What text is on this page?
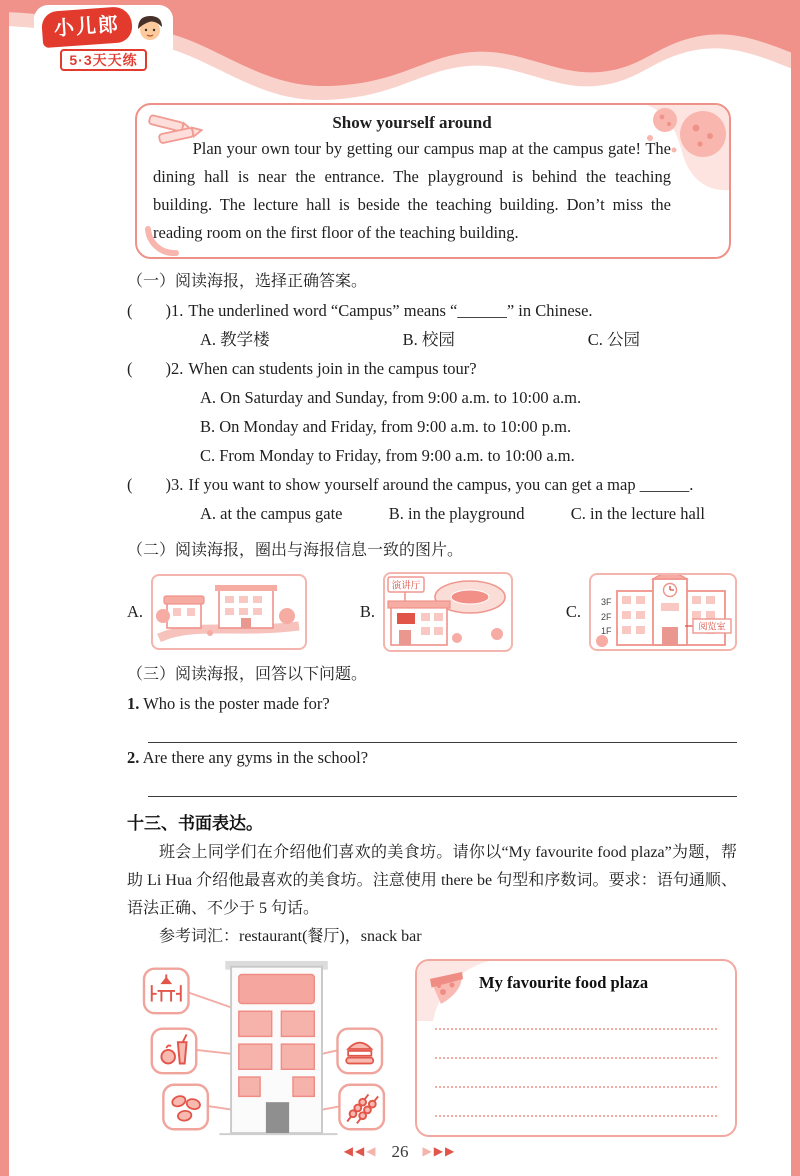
小儿郎
5·3天天练
Show yourself around

Plan your own tour by getting our campus map at the campus gate! The dining hall is near the entrance. The playground is behind the teaching building. The lecture hall is beside the teaching building. Don’t miss the reading room on the first floor of the teaching building.

（一）阅读海报，选择正确答案。
(        )1. The underlined word “Campus” means “______” in Chinese.
A. 教学楼	B. 校园	C. 公园
(        )2. When can students join in the campus tour?
A. On Saturday and Sunday, from 9:00 a.m. to 10:00 a.m.
B. On Monday and Friday, from 9:00 a.m. to 10:00 p.m.
C. From Monday to Friday, from 9:00 a.m. to 10:00 a.m.
(        )3. If you want to show yourself around the campus, you can get a map ______.
A. at the campus gate	B. in the playground	C. in the lecture hall
（二）阅读海报，圈出与海报信息一致的图片。
A.	B.
演讲厅
C. 3F
2F
1F	阅览室
（三）阅读海报，回答以下问题。
1. Who is the poster made for?
2. Are there any gyms in the school?
十三、书面表达。

班会上同学们在介绍他们喜欢的美食坊。请你以“My favourite food plaza”为题，帮助 Li Hua 介绍他最喜欢的美食坊。注意使用 there be 句型和序数词。要求：语句通顺、语法正确、不少于 5 句话。

参考词汇：restaurant(餐厅)，snack bar
My favourite food plaza
◀◀◀ 26 ▶▶▶
